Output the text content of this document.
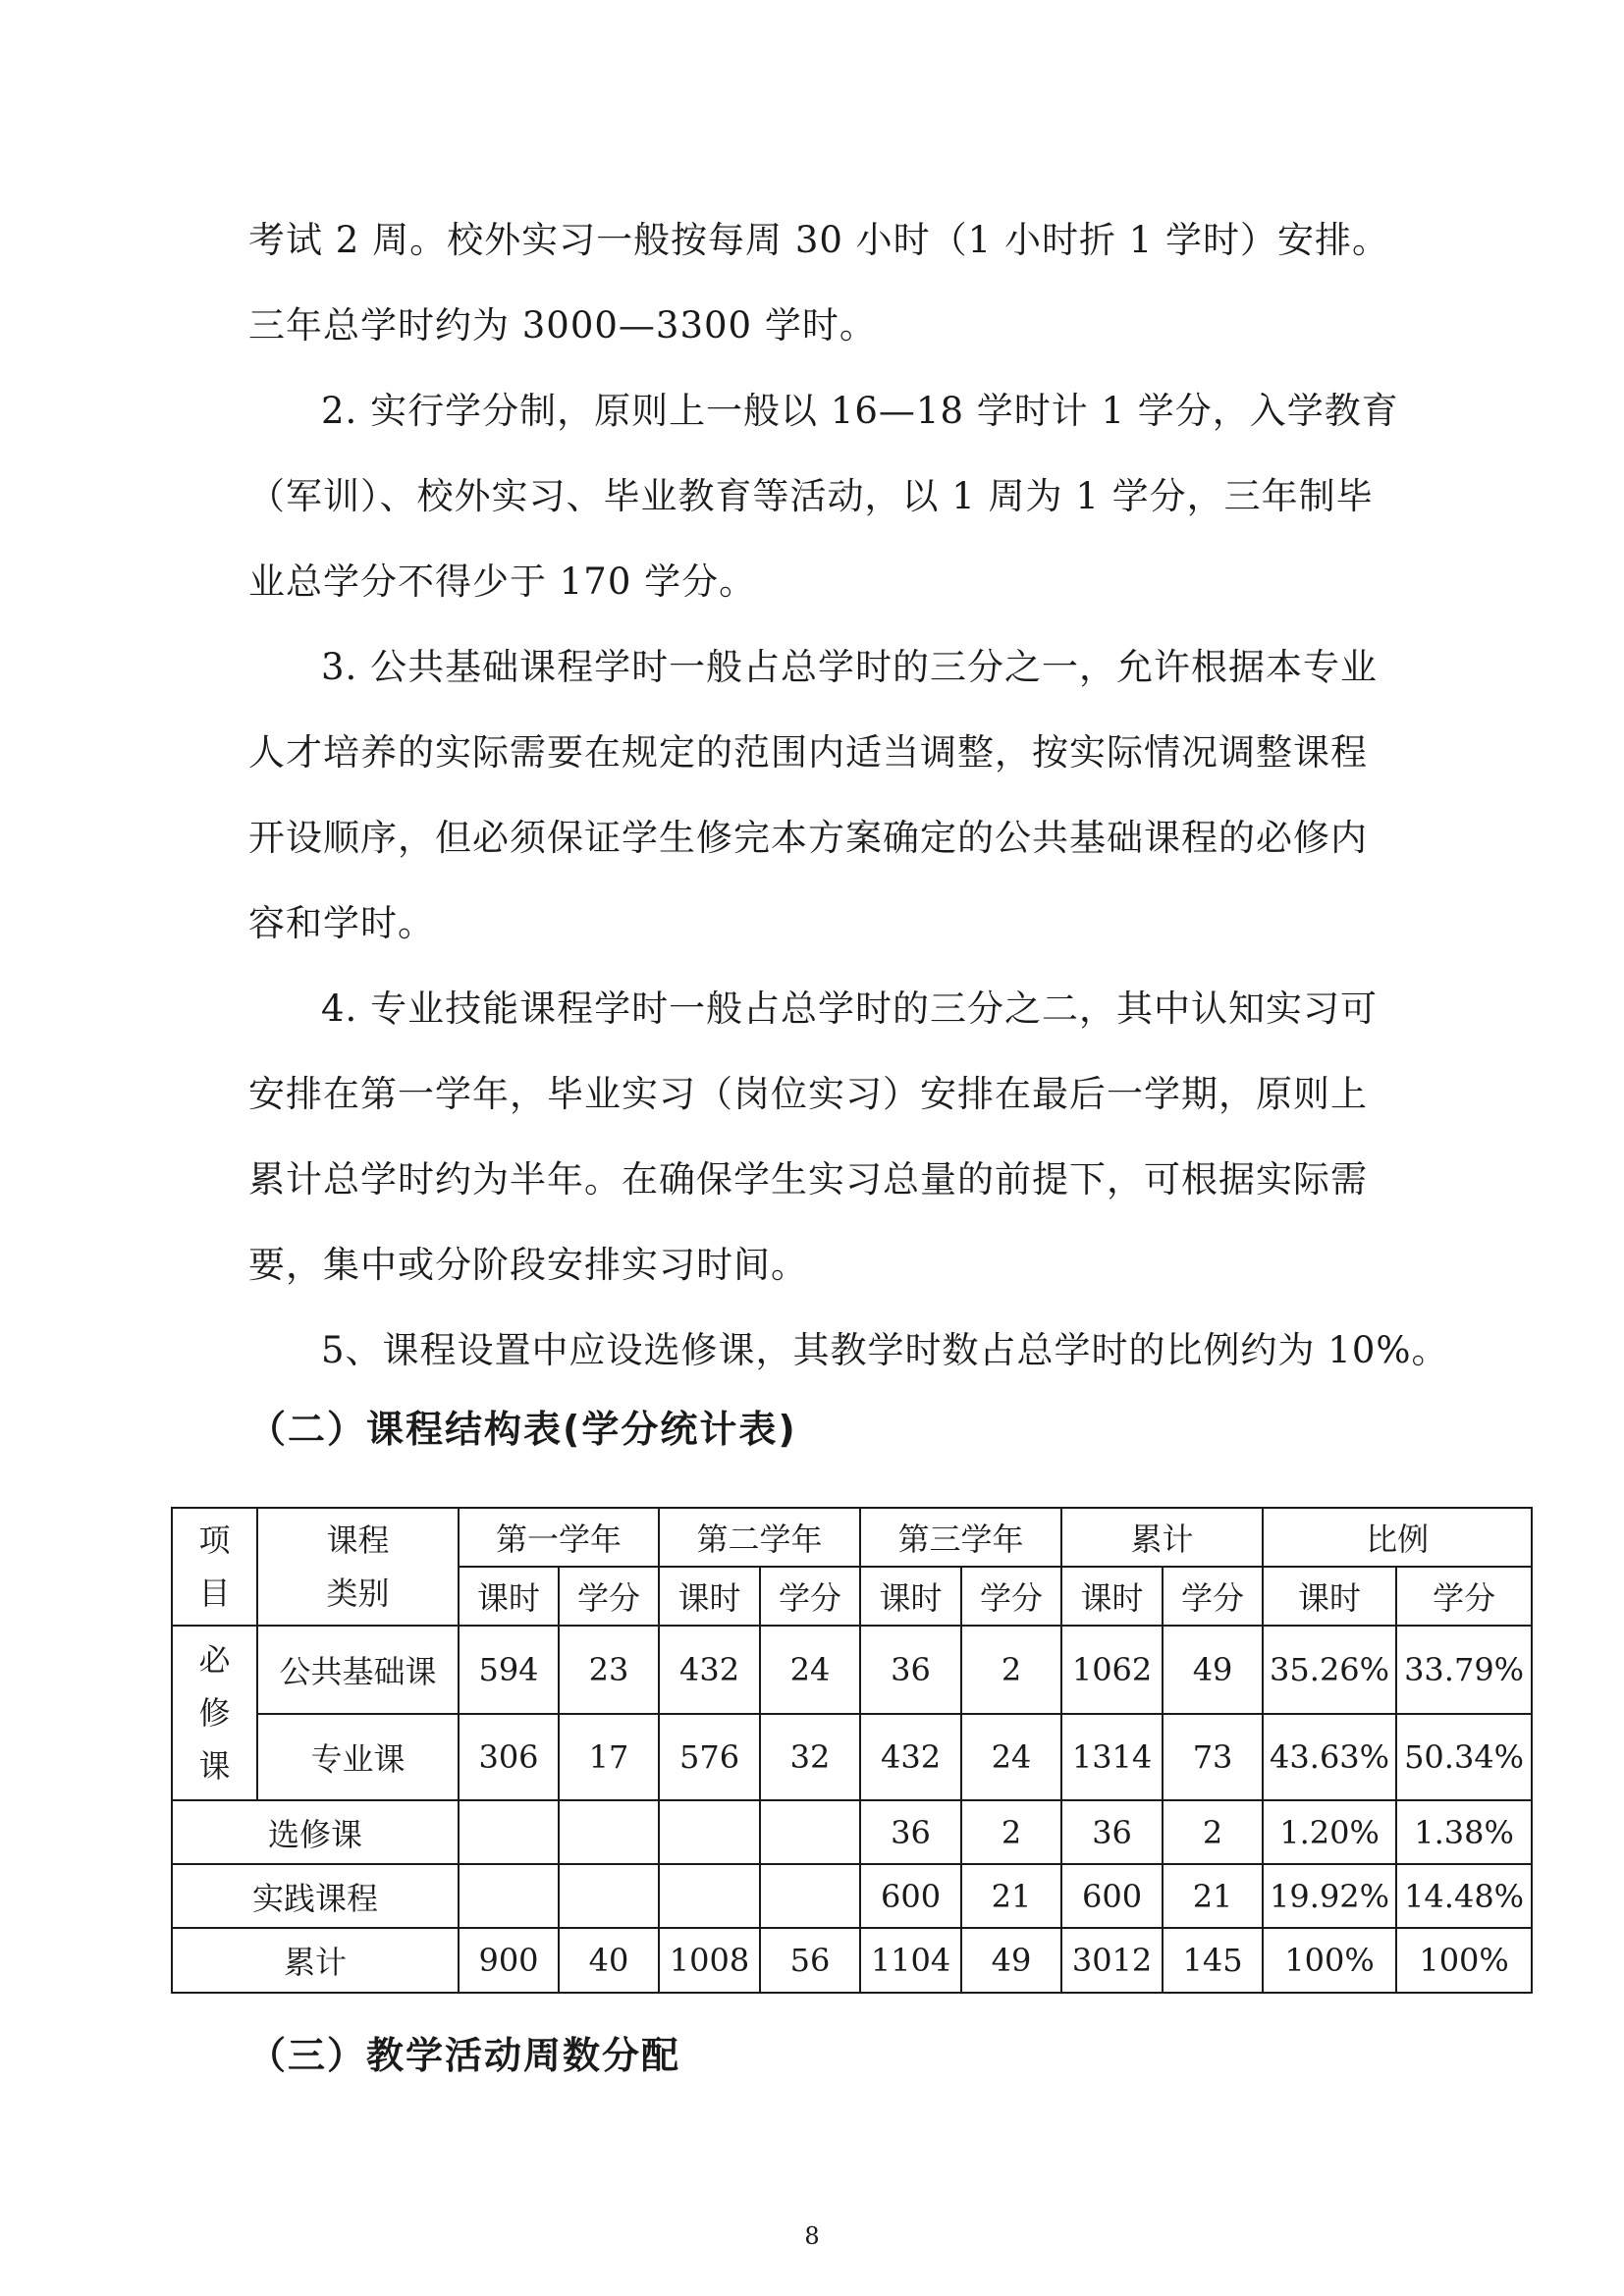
考试 2 周。校外实习一般按每周 30 小时（1 小时折 1 学时）安排。
三年总学时约为 3000—3300 学时。
2. 实行学分制，原则上一般以 16—18 学时计 1 学分，入学教育
（军训）、校外实习、毕业教育等活动，以 1 周为 1 学分，三年制毕
业总学分不得少于 170 学分。
3. 公共基础课程学时一般占总学时的三分之一，允许根据本专业
人才培养的实际需要在规定的范围内适当调整，按实际情况调整课程
开设顺序，但必须保证学生修完本方案确定的公共基础课程的必修内
容和学时。
4. 专业技能课程学时一般占总学时的三分之二，其中认知实习可
安排在第一学年，毕业实习（岗位实习）安排在最后一学期，原则上
累计总学时约为半年。在确保学生实习总量的前提下，可根据实际需
要，集中或分阶段安排实习时间。
5、课程设置中应设选修课，其教学时数占总学时的比例约为 10%。
（二）课程结构表(学分统计表)
项
目	课程
类别	第一学年		第二学年		第三学年		累计		比例	
		课时	学分	课时	学分	课时	学分	课时	学分	课时	学分

必
修
课	公共基础课	594	23	432	24	36	2	1062	49	35.26%	33.79%
	专业课	306	17	576	32	432	24	1314	73	43.63%	50.34%
选修课						36	2	36	2	1.20%	1.38%
实践课程						600	21	600	21	19.92%	14.48%
累计		900	40	1008	56	1104	49	3012	145	100%	100%
（三）教学活动周数分配
8
